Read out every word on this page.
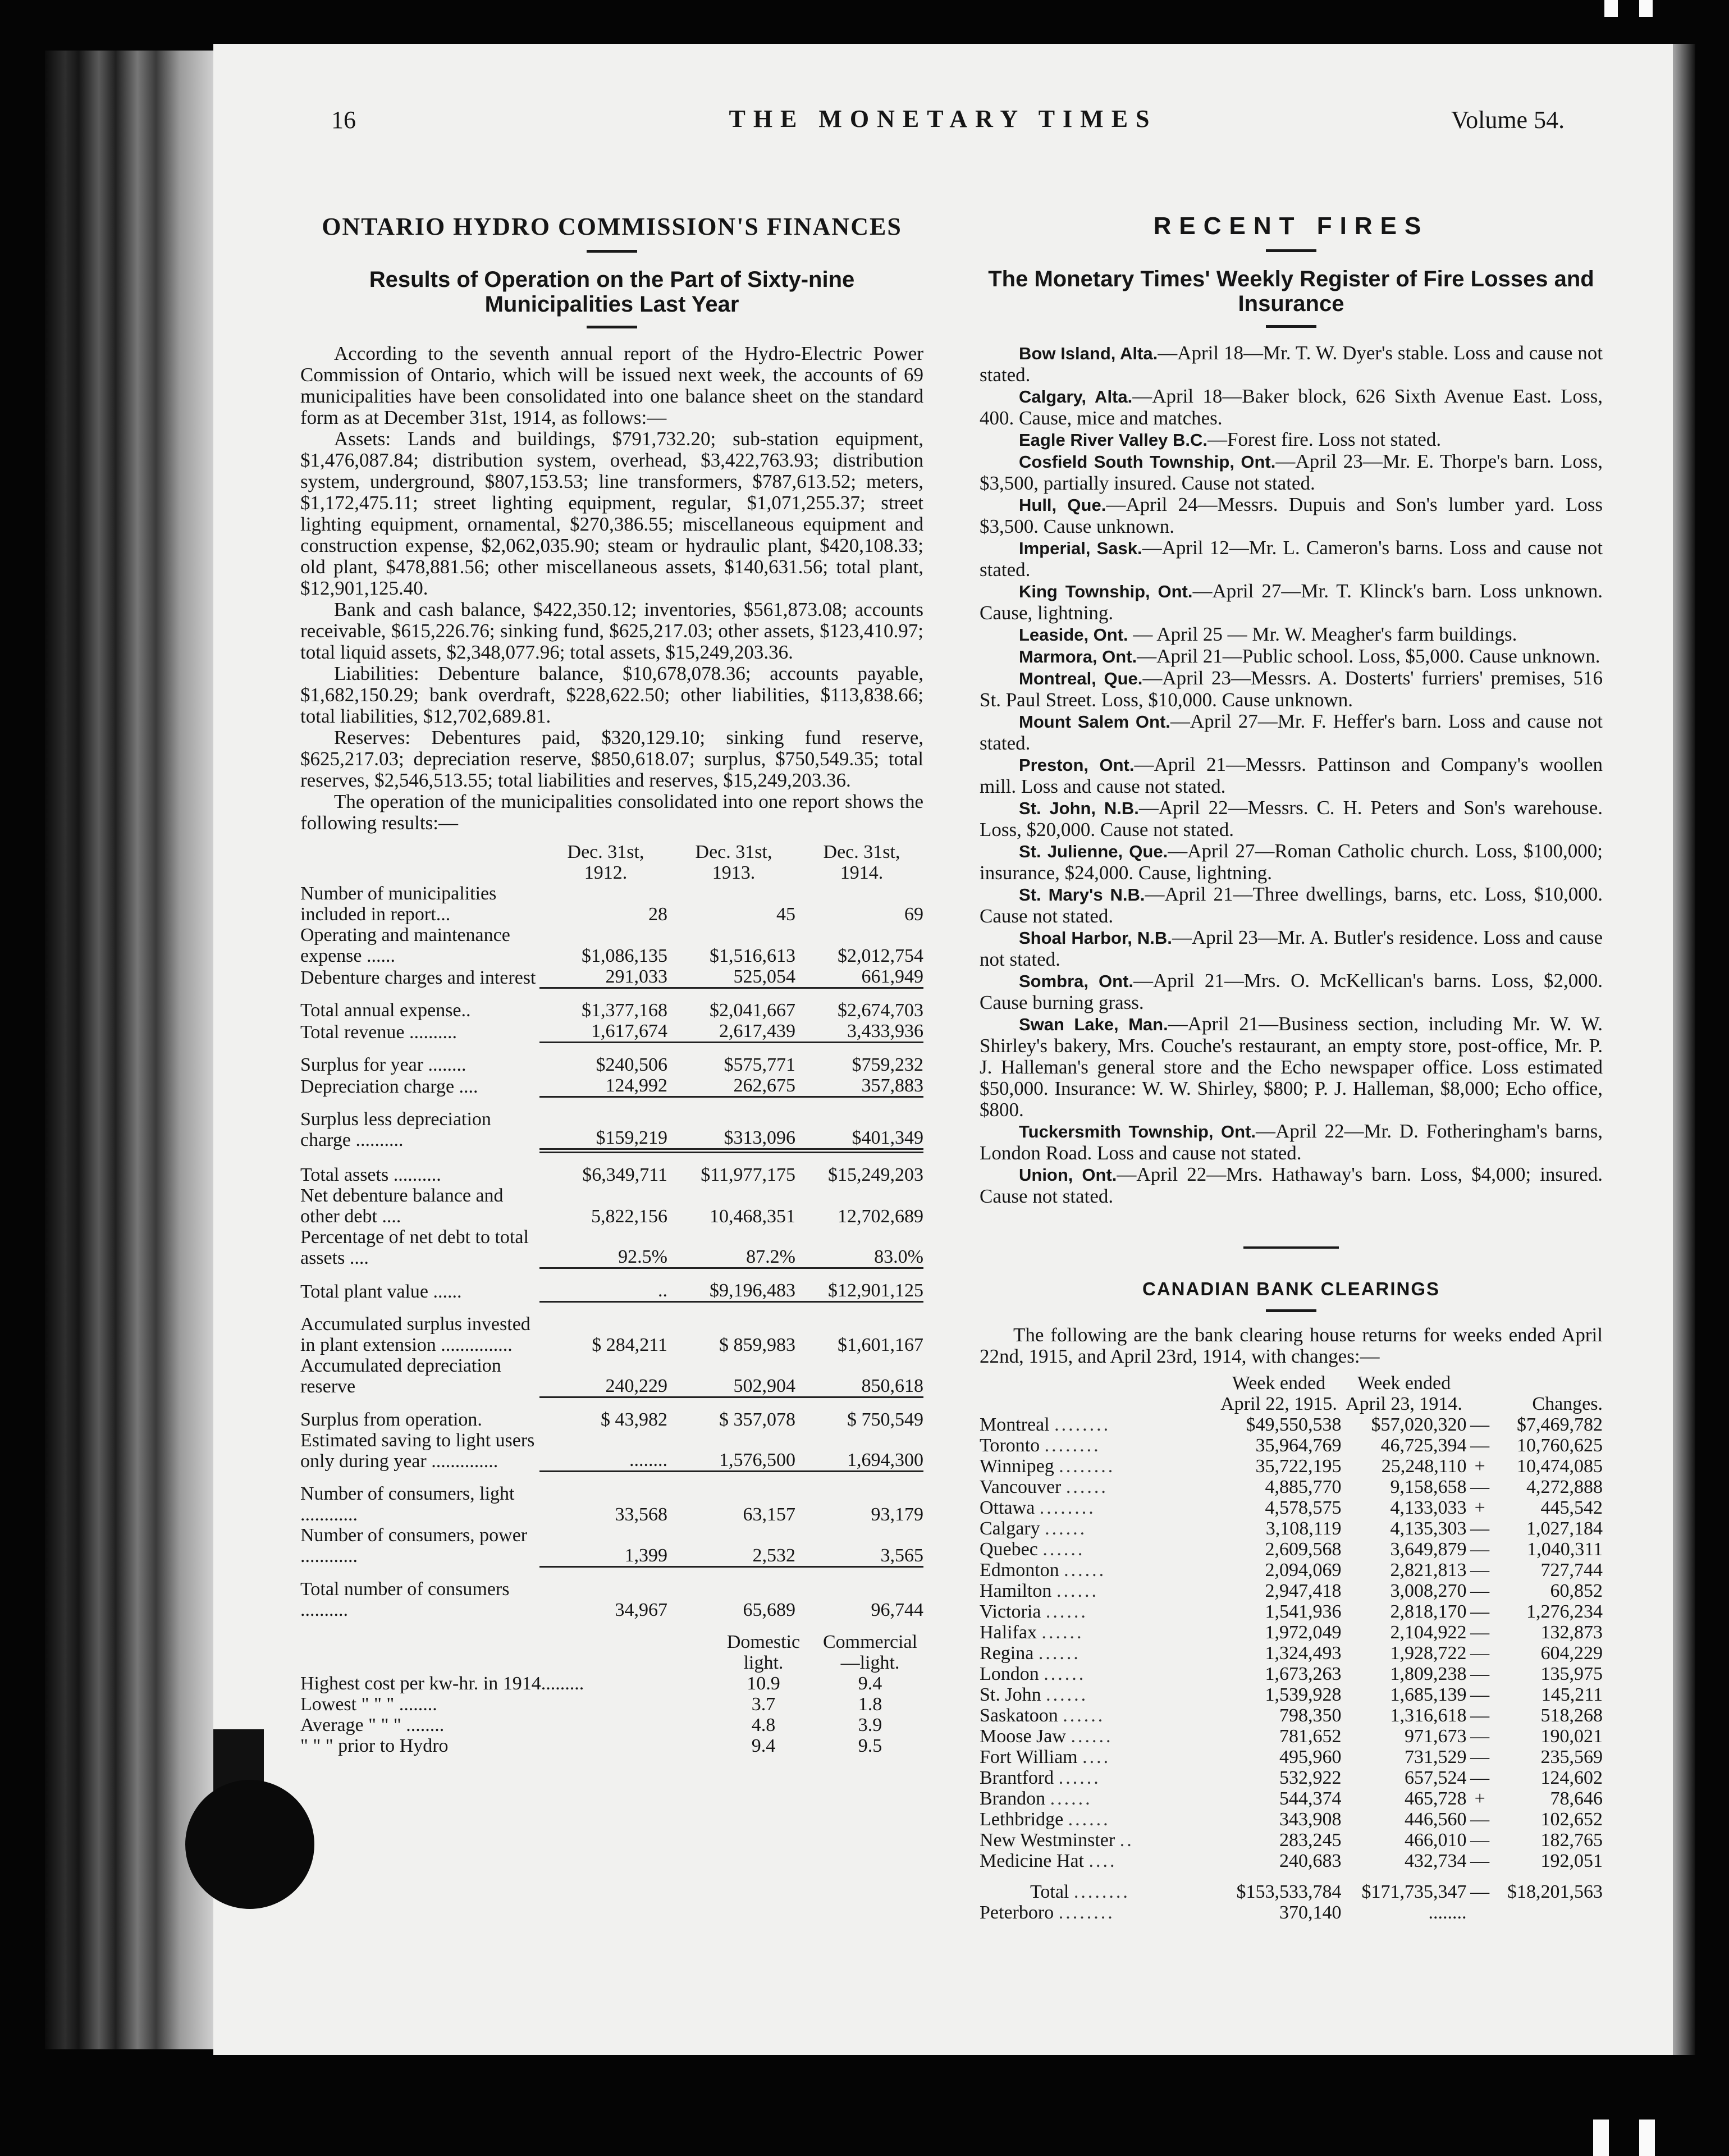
16	THE MONETARY TIMES	Volume 54.
ONTARIO HYDRO COMMISSION'S FINANCES
Results of Operation on the Part of Sixty-nine Municipalities Last Year

According to the seventh annual report of the Hydro-Electric Power Commission of Ontario, which will be issued next week, the accounts of 69 municipalities have been consolidated into one balance sheet on the standard form as at December 31st, 1914, as follows:—

Assets: Lands and buildings, $791,732.20; sub-station equipment, $1,476,087.84; distribution system, overhead, $3,422,763.93; distribution system, underground, $807,153.53; line transformers, $787,613.52; meters, $1,172,475.11; street lighting equipment, regular, $1,071,255.37; street lighting equipment, ornamental, $270,386.55; miscellaneous equipment and construction expense, $2,062,035.90; steam or hydraulic plant, $420,108.33; old plant, $478,881.56; other miscellaneous assets, $140,631.56; total plant, $12,901,125.40.

Bank and cash balance, $422,350.12; inventories, $561,873.08; accounts receivable, $615,226.76; sinking fund, $625,217.03; other assets, $123,410.97; total liquid assets, $2,348,077.96; total assets, $15,249,203.36.

Liabilities: Debenture balance, $10,678,078.36; accounts payable, $1,682,150.29; bank overdraft, $228,622.50; other liabilities, $113,838.66; total liabilities, $12,702,689.81.

Reserves: Debentures paid, $320,129.10; sinking fund reserve, $625,217.03; depreciation reserve, $850,618.07; surplus, $750,549.35; total reserves, $2,546,513.55; total liabilities and reserves, $15,249,203.36.

The operation of the municipalities consolidated into one report shows the following results:—

	Dec. 31st, 1912.	Dec. 31st, 1913.	Dec. 31st, 1914.
Number of municipalities included in report...	28	45	69
Operating and maintenance expense ......	$1,086,135	$1,516,613	$2,012,754
Debenture charges and interest	291,033	525,054	661,949

Total annual expense..	$1,377,168	$2,041,667	$2,674,703
Total revenue ..........	1,617,674	2,617,439	3,433,936

Surplus for year ........	$240,506	$575,771	$759,232
Depreciation charge ....	124,992	262,675	357,883

Surplus less depreciation charge ..........	$159,219	$313,096	$401,349

Total assets ..........	$6,349,711	$11,977,175	$15,249,203
Net debenture balance and other debt ....	5,822,156	10,468,351	12,702,689
Percentage of net debt to total assets ....	92.5%	87.2%	83.0%

Total plant value ......	..	$9,196,483	$12,901,125

Accumulated surplus invested in plant extension ...............	$ 284,211	$ 859,983	$1,601,167
Accumulated depreciation reserve	240,229	502,904	850,618

Surplus from operation.	$ 43,982	$ 357,078	$ 750,549
Estimated saving to light users only during year ..............	........	1,576,500	1,694,300

Number of consumers, light ............	33,568	63,157	93,179
Number of consumers, power ............	1,399	2,532	3,565

Total number of consumers ..........	34,967	65,689	96,744
	Domestic light.	Commercial —light.
Highest cost per kw-hr. in 1914.........	10.9	9.4
Lowest " " " ........	3.7	1.8
Average " " " ........	4.8	3.9
" " " prior to Hydro	9.4	9.5
RECENT FIRES
The Monetary Times' Weekly Register of Fire Losses and Insurance

Bow Island, Alta.—April 18—Mr. T. W. Dyer's stable. Loss and cause not stated.

Calgary, Alta.—April 18—Baker block, 626 Sixth Avenue East. Loss, 400. Cause, mice and matches.

Eagle River Valley B.C.—Forest fire. Loss not stated.

Cosfield South Township, Ont.—April 23—Mr. E. Thorpe's barn. Loss, $3,500, partially insured. Cause not stated.

Hull, Que.—April 24—Messrs. Dupuis and Son's lumber yard. Loss $3,500. Cause unknown.

Imperial, Sask.—April 12—Mr. L. Cameron's barns. Loss and cause not stated.

King Township, Ont.—April 27—Mr. T. Klinck's barn. Loss unknown. Cause, lightning.

Leaside, Ont. — April 25 — Mr. W. Meagher's farm buildings.

Marmora, Ont.—April 21—Public school. Loss, $5,000. Cause unknown.

Montreal, Que.—April 23—Messrs. A. Dosterts' furriers' premises, 516 St. Paul Street. Loss, $10,000. Cause unknown.

Mount Salem Ont.—April 27—Mr. F. Heffer's barn. Loss and cause not stated.

Preston, Ont.—April 21—Messrs. Pattinson and Company's woollen mill. Loss and cause not stated.

St. John, N.B.—April 22—Messrs. C. H. Peters and Son's warehouse. Loss, $20,000. Cause not stated.

St. Julienne, Que.—April 27—Roman Catholic church. Loss, $100,000; insurance, $24,000. Cause, lightning.

St. Mary's N.B.—April 21—Three dwellings, barns, etc. Loss, $10,000. Cause not stated.

Shoal Harbor, N.B.—April 23—Mr. A. Butler's residence. Loss and cause not stated.

Sombra, Ont.—April 21—Mrs. O. McKellican's barns. Loss, $2,000. Cause burning grass.

Swan Lake, Man.—April 21—Business section, including Mr. W. W. Shirley's bakery, Mrs. Couche's restaurant, an empty store, post-office, Mr. P. J. Halleman's general store and the Echo newspaper office. Loss estimated $50,000. Insurance: W. W. Shirley, $800; P. J. Halleman, $8,000; Echo office, $800.

Tuckersmith Township, Ont.—April 22—Mr. D. Fotheringham's barns, London Road. Loss and cause not stated.

Union, Ont.—April 22—Mrs. Hathaway's barn. Loss, $4,000; insured. Cause not stated.

CANADIAN BANK CLEARINGS

The following are the bank clearing house returns for weeks ended April 22nd, 1915, and April 23rd, 1914, with changes:—

	Week ended April 22, 1915.	Week ended April 23, 1914.		Changes.
Montreal ........	$49,550,538	$57,020,320	—	$7,469,782
Toronto ........	35,964,769	46,725,394	—	10,760,625
Winnipeg ........	35,722,195	25,248,110	+	10,474,085
Vancouver ......	4,885,770	9,158,658	—	4,272,888
Ottawa ........	4,578,575	4,133,033	+	445,542
Calgary ......	3,108,119	4,135,303	—	1,027,184
Quebec ......	2,609,568	3,649,879	—	1,040,311
Edmonton ......	2,094,069	2,821,813	—	727,744
Hamilton ......	2,947,418	3,008,270	—	60,852
Victoria ......	1,541,936	2,818,170	—	1,276,234
Halifax ......	1,972,049	2,104,922	—	132,873
Regina ......	1,324,493	1,928,722	—	604,229
London ......	1,673,263	1,809,238	—	135,975
St. John ......	1,539,928	1,685,139	—	145,211
Saskatoon ......	798,350	1,316,618	—	518,268
Moose Jaw ......	781,652	971,673	—	190,021
Fort William ....	495,960	731,529	—	235,569
Brantford ......	532,922	657,524	—	124,602
Brandon ......	544,374	465,728	+	78,646
Lethbridge ......	343,908	446,560	—	102,652
New Westminster ..	283,245	466,010	—	182,765
Medicine Hat ....	240,683	432,734	—	192,051
Total ........	$153,533,784	$171,735,347	—	$18,201,563
Peterboro ........	370,140	........		
